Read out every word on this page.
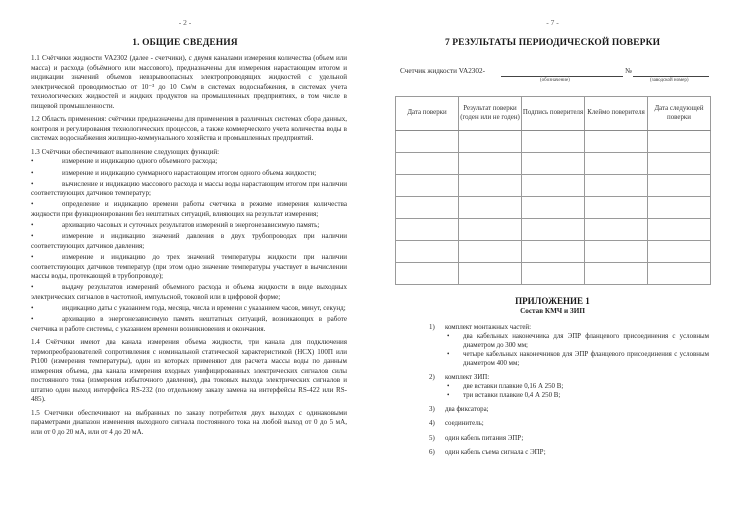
- 2 -
1. ОБЩИЕ СВЕДЕНИЯ

1.1 Счётчики жидкости VA2302 (далее - счетчики), с двумя каналами измерения количества (объем или масса) и расхода (объёмного или массового), предназначены для измерения нарастающим итогом и индикации значений объемов невзрывоопасных электропроводящих жидкостей с удельной электрической проводимостью от 10⁻³ до 10 См/м в системах водоснабжения, в системах учета технологических жидкостей и жидких продуктов на промышленных предприятиях, в том числе в пищевой промышленности.

1.2 Область применения: счётчики предназначены для применения в различных системах сбора данных, контроля и регулирования технологических процессов, а также коммерческого учета количества воды в системах водоснабжения жилищно-коммунального хозяйства и промышленных предприятий.

1.3 Счётчики обеспечивают выполнение следующих функций:

•	измерение и индикацию одного объемного расхода;
•	измерение и индикацию суммарного нарастающим итогом одного объема жидкости;
•	вычисление и индикацию массового расхода и массы воды нарастающим итогом при наличии соответствующих датчиков температур;
•	определение и индикацию времени работы счетчика в режиме измерения количества жидкости при функционировании без нештатных ситуаций, влияющих на результат измерения;
•	архивацию часовых и суточных результатов измерений в энергонезависимую память;
•	измерение и индикацию значений давления в двух трубопроводах при наличии соответствующих датчиков давления;
•	измерение и индикацию до трех значений температуры жидкости при наличии соответствующих датчиков температур (при этом одно значение температуры участвует в вычислении массы воды, протекающей в трубопроводе);
•	выдачу результатов измерений объемного расхода и объема жидкости в виде выходных электрических сигналов в частотной, импульсной, токовой или в цифровой форме;
•	индикацию даты с указанием года, месяца, числа и времени с указанием часов, минут, секунд;
•	архивацию в энергонезависимую память нештатных ситуаций, возникающих в работе счетчика и работе системы, с указанием времени возникновения и окончания.

1.4 Счётчики имеют два канала измерения объема жидкости, три канала для подключения термопреобразователей сопротивления с номинальной статической характеристикой (НСХ) 100П или Pt100 (измерения температуры), один из которых применяют для расчета массы воды по данным измерения объема, два канала измерения входных унифицированных электрических сигналов силы постоянного тока (измерения избыточного давления), два токовых выхода электрических сигналов и штатно один выход интерфейса RS-232 (по отдельному заказу замена на интерфейсы RS-422 или RS-485).

1.5 Счетчики обеспечивают на выбранных по заказу потребителя двух выходах с одинаковыми параметрами диапазон изменения выходного сигнала постоянного тока на любой выход от 0 до 5 мА, или от 0 до 20 мА, или от 4 до 20 мА.

- 7 -
7 РЕЗУЛЬТАТЫ ПЕРИОДИЧЕСКОЙ ПОВЕРКИ
Счетчик жидкости VA2302-
(обозначение)
№
(заводской номер)
Дата поверки	Результат поверки (годен или не годен)	Подпись поверителя	Клеймо поверителя	Дата следующей поверки

ПРИЛОЖЕНИЕ 1
Состав КМЧ и ЗИП
1) комплект монтажных частей:
• два кабельных наконечника для ЭПР фланцевого присоединения с условным диаметром до 300 мм;
• четыре кабельных наконечников для ЭПР фланцевого присоединения с условным диаметром 400 мм;
2) комплект ЗИП:
• две вставки плавкие 0,16 А 250 В;
• три вставки плавкие 0,4 А 250 В;
3) два фиксатора;
4) соединитель;
5) один кабель питания ЭПР;
6) один кабель съема сигнала с ЭПР;
